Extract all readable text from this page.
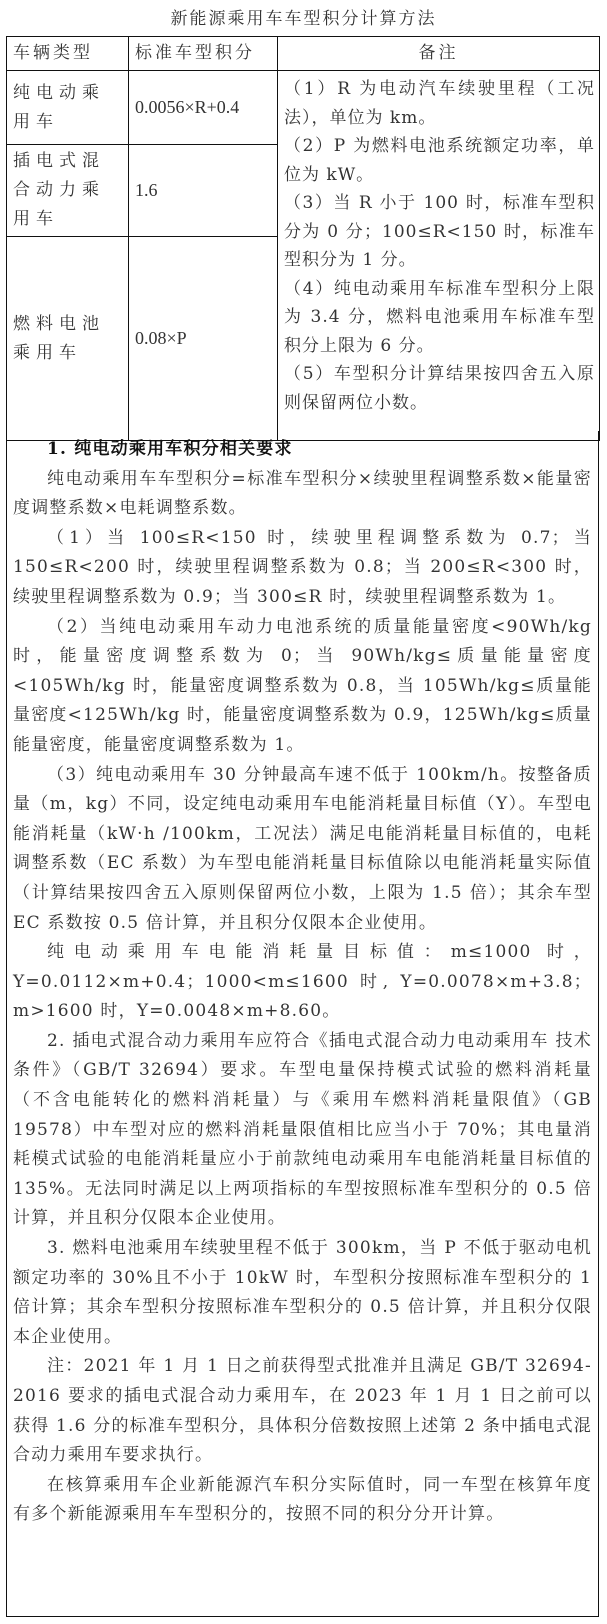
新能源乘用车车型积分计算方法
车辆类型	标准车型积分	备注
纯电动乘用车	0.0056×R+0.4	（1）R 为电动汽车续驶里程（工况法），单位为 km。

（2）P 为燃料电池系统额定功率，单位为 kW。

（3）当 R 小于 100 时，标准车型积分为 0 分；100≤R<150 时，标准车型积分为 1 分。

（4）纯电动乘用车标准车型积分上限为 3.4 分，燃料电池乘用车标准车型积分上限为 6 分。

（5）车型积分计算结果按四舍五入原则保留两位小数。

插电式混合动力乘用车	1.6	
燃料电池乘用车	0.08×P	

1. 纯电动乘用车积分相关要求

纯电动乘用车车型积分=标准车型积分×续驶里程调整系数×能量密度调整系数×电耗调整系数。

（1）当 100≤R<150 时，续驶里程调整系数为 0.7；当 150≤R<200 时，续驶里程调整系数为 0.8；当 200≤R<300 时，续驶里程调整系数为 0.9；当 300≤R 时，续驶里程调整系数为 1。

（2）当纯电动乘用车动力电池系统的质量能量密度<90Wh/kg 时，能量密度调整系数为 0；当 90Wh/kg≤质量能量密度<105Wh/kg 时，能量密度调整系数为 0.8，当 105Wh/kg≤质量能量密度<125Wh/kg 时，能量密度调整系数为 0.9，125Wh/kg≤质量能量密度，能量密度调整系数为 1。

（3）纯电动乘用车 30 分钟最高车速不低于 100km/h。按整备质量（m，kg）不同，设定纯电动乘用车电能消耗量目标值（Y）。车型电能消耗量（kW·h /100km，工况法）满足电能消耗量目标值的，电耗调整系数（EC 系数）为车型电能消耗量目标值除以电能消耗量实际值（计算结果按四舍五入原则保留两位小数，上限为 1.5 倍）；其余车型 EC 系数按 0.5 倍计算，并且积分仅限本企业使用。

纯电动乘用车电能消耗量目标值：m≤1000 时，Y=0.0112×m+0.4；1000<m≤1600 时, Y=0.0078×m+3.8；m>1600 时，Y=0.0048×m+8.60。

2. 插电式混合动力乘用车应符合《插电式混合动力电动乘用车 技术条件》（GB/T 32694）要求。车型电量保持模式试验的燃料消耗量（不含电能转化的燃料消耗量）与《乘用车燃料消耗量限值》（GB 19578）中车型对应的燃料消耗量限值相比应当小于 70%；其电量消耗模式试验的电能消耗量应小于前款纯电动乘用车电能消耗量目标值的 135%。无法同时满足以上两项指标的车型按照标准车型积分的 0.5 倍计算，并且积分仅限本企业使用。

3. 燃料电池乘用车续驶里程不低于 300km，当 P 不低于驱动电机额定功率的 30%且不小于 10kW 时，车型积分按照标准车型积分的 1 倍计算；其余车型积分按照标准车型积分的 0.5 倍计算，并且积分仅限本企业使用。

注：2021 年 1 月 1 日之前获得型式批准并且满足 GB/T 32694-2016 要求的插电式混合动力乘用车，在 2023 年 1 月 1 日之前可以获得 1.6 分的标准车型积分，具体积分倍数按照上述第 2 条中插电式混合动力乘用车要求执行。

在核算乘用车企业新能源汽车积分实际值时，同一车型在核算年度有多个新能源乘用车车型积分的，按照不同的积分分开计算。
